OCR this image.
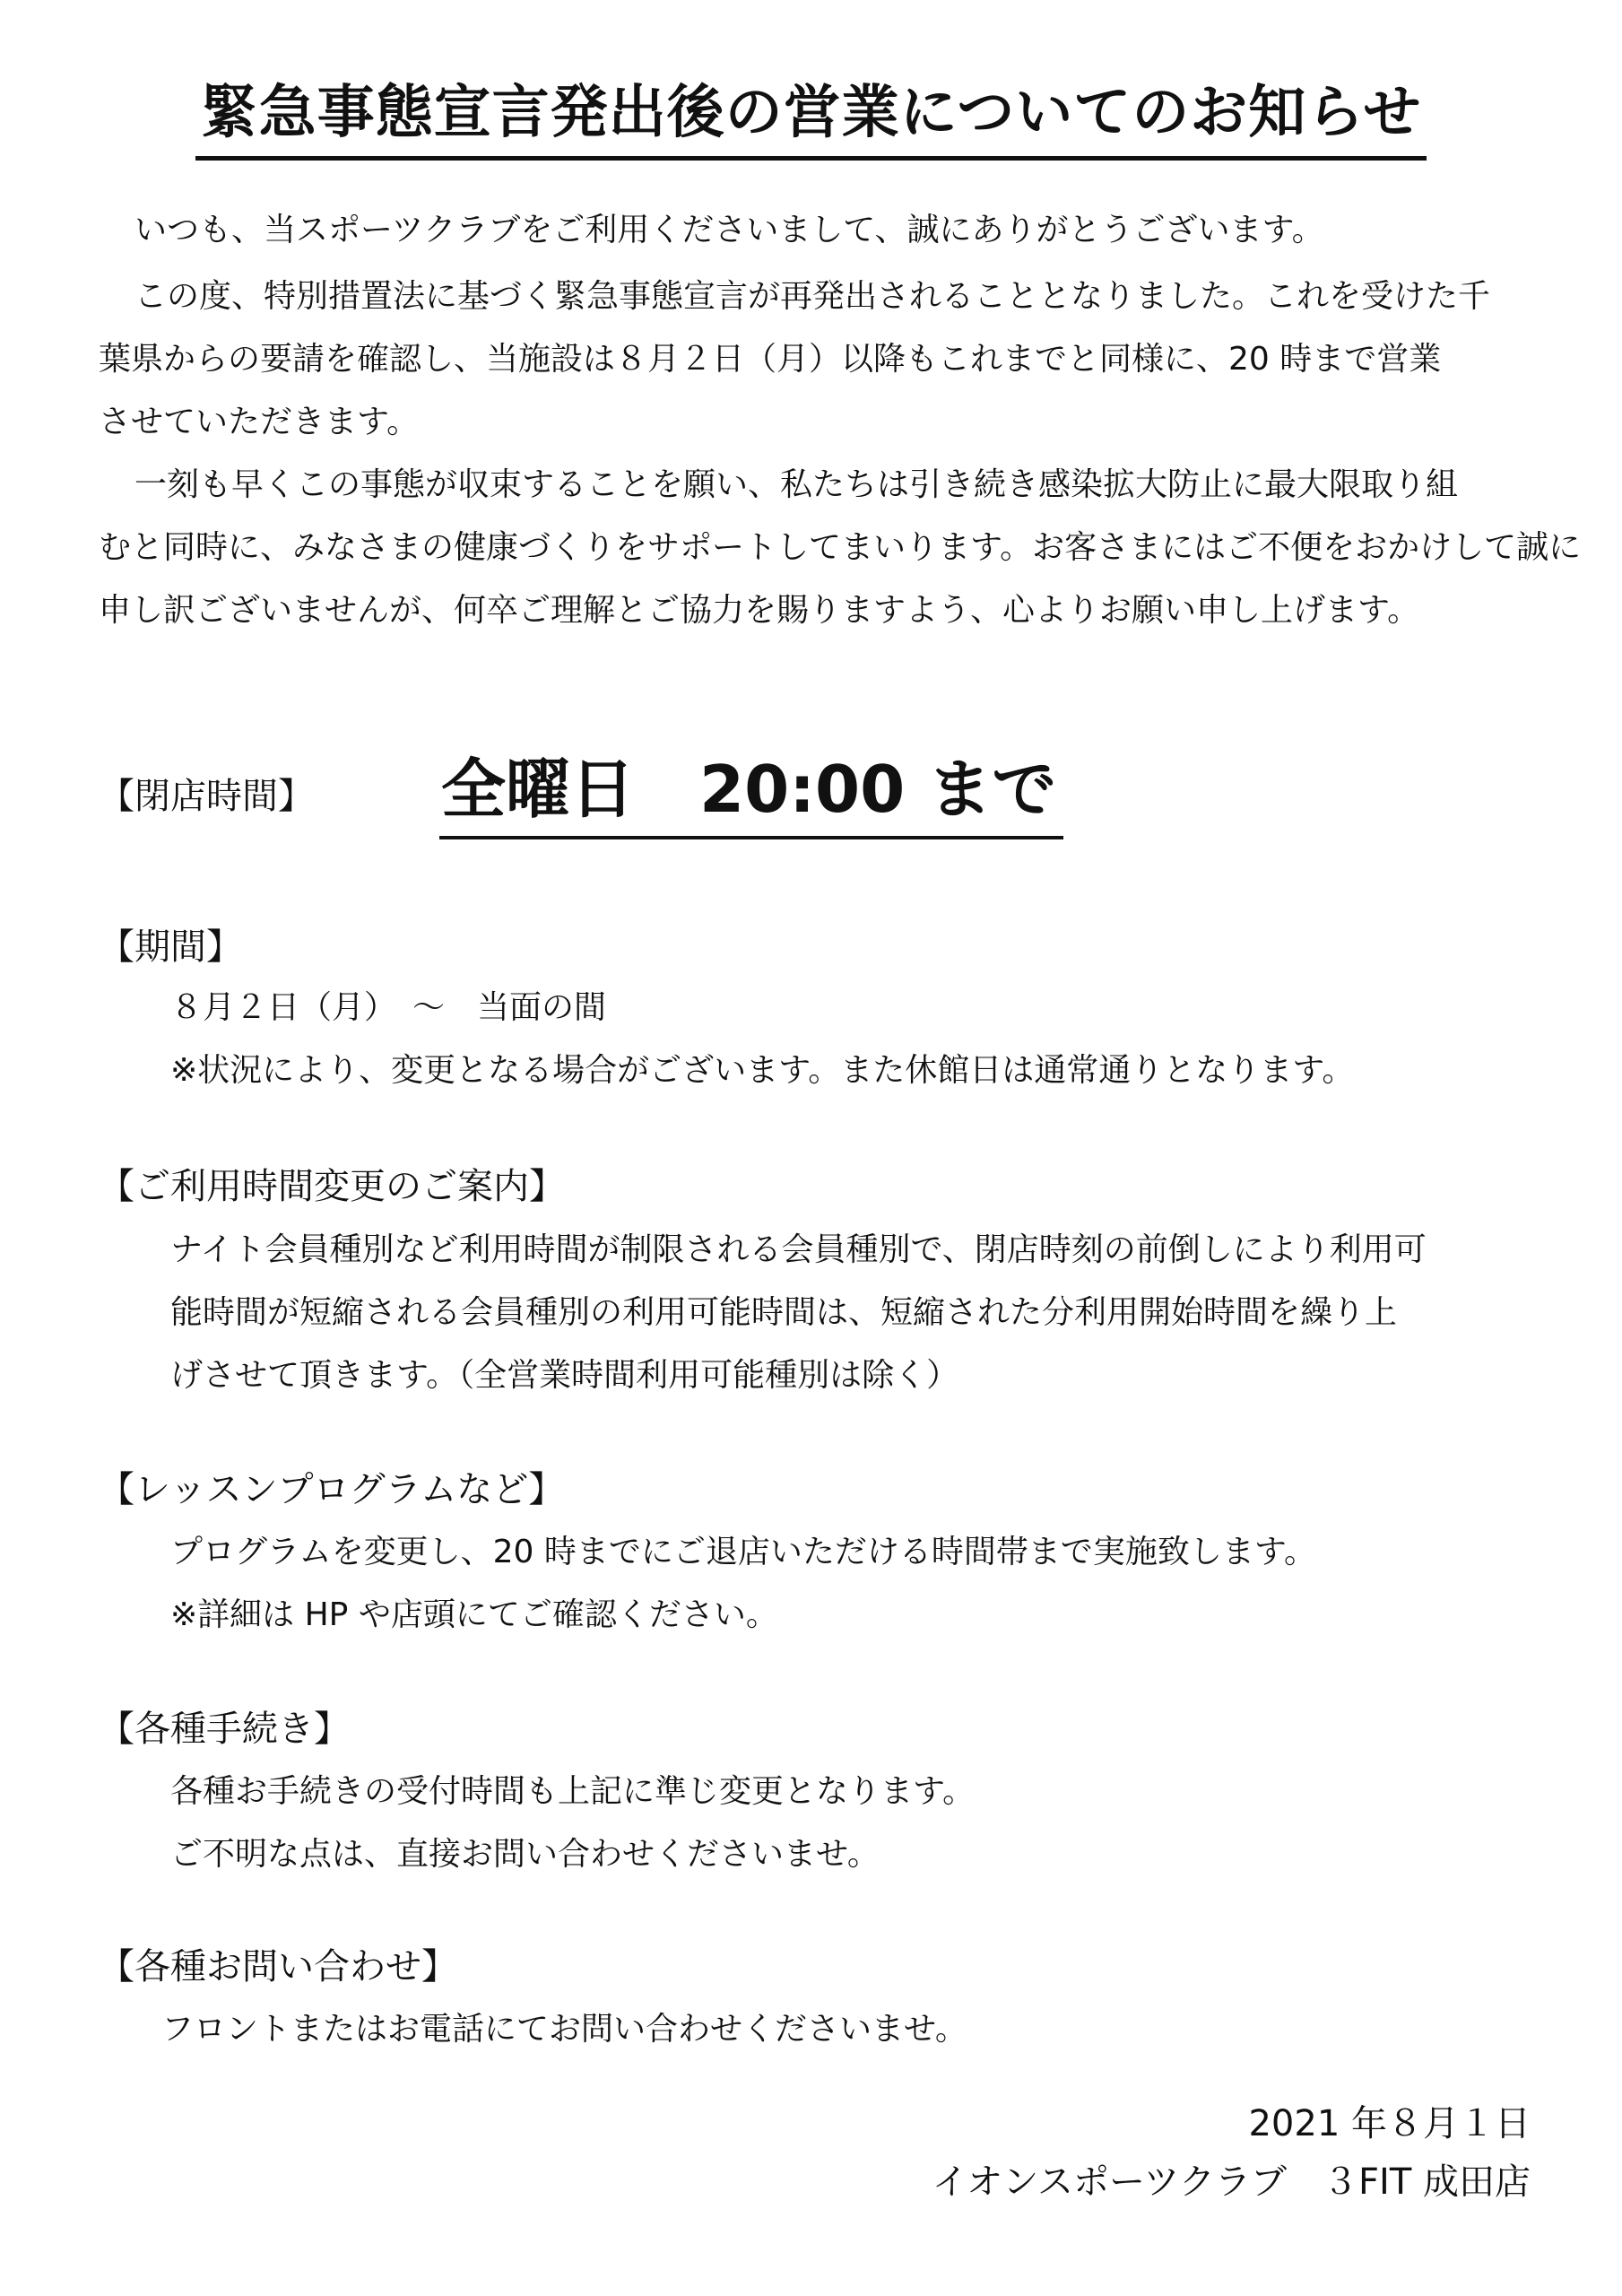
緊急事態宣言発出後の営業についてのお知らせ
いつも、当スポーツクラブをご利用くださいまして、誠にありがとうございます。
この度、特別措置法に基づく緊急事態宣言が再発出されることとなりました。これを受けた千
葉県からの要請を確認し、当施設は８月２日（月）以降もこれまでと同様に、20 時まで営業
させていただきます。
一刻も早くこの事態が収束することを願い、私たちは引き続き感染拡大防止に最大限取り組
むと同時に、みなさまの健康づくりをサポートしてまいります。お客さまにはご不便をおかけして誠に
申し訳ございませんが、何卒ご理解とご協力を賜りますよう、心よりお願い申し上げます。
【閉店時間】 全曜日 20:00 まで
【期間】
８月２日（月）　～　当面の間
※状況により、変更となる場合がございます。また休館日は通常通りとなります。
【ご利用時間変更のご案内】
ナイト会員種別など利用時間が制限される会員種別で、閉店時刻の前倒しにより利用可
能時間が短縮される会員種別の利用可能時間は、短縮された分利用開始時間を繰り上
げさせて頂きます。（全営業時間利用可能種別は除く）
【レッスンプログラムなど】
プログラムを変更し、20 時までにご退店いただける時間帯まで実施致します。
※詳細は HP や店頭にてご確認ください。
【各種手続き】
各種お手続きの受付時間も上記に準じ変更となります。
ご不明な点は、直接お問い合わせくださいませ。
【各種お問い合わせ】
フロントまたはお電話にてお問い合わせくださいませ。
2021 年８月１日
イオンスポーツクラブ　３FIT 成田店
